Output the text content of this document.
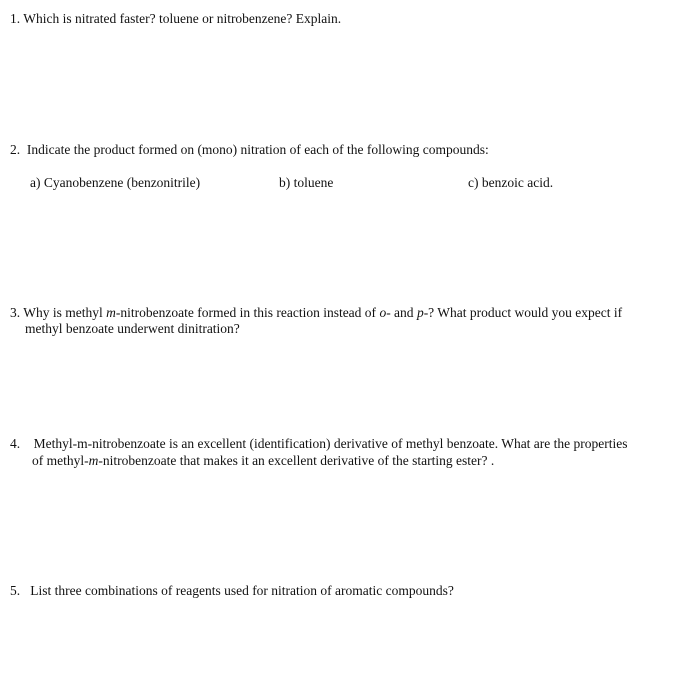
1. Which is nitrated faster? toluene or nitrobenzene? Explain.
2. Indicate the product formed on (mono) nitration of each of the following compounds:
a) Cyanobenzene (benzonitrile)	b) toluene	c) benzoic acid.
3. Why is methyl m-nitrobenzoate formed in this reaction instead of o- and p-? What product would you expect if
methyl benzoate underwent dinitration?
4. Methyl-m-nitrobenzoate is an excellent (identification) derivative of methyl benzoate. What are the properties
of methyl-m-nitrobenzoate that makes it an excellent derivative of the starting ester? .
5. List three combinations of reagents used for nitration of aromatic compounds?
